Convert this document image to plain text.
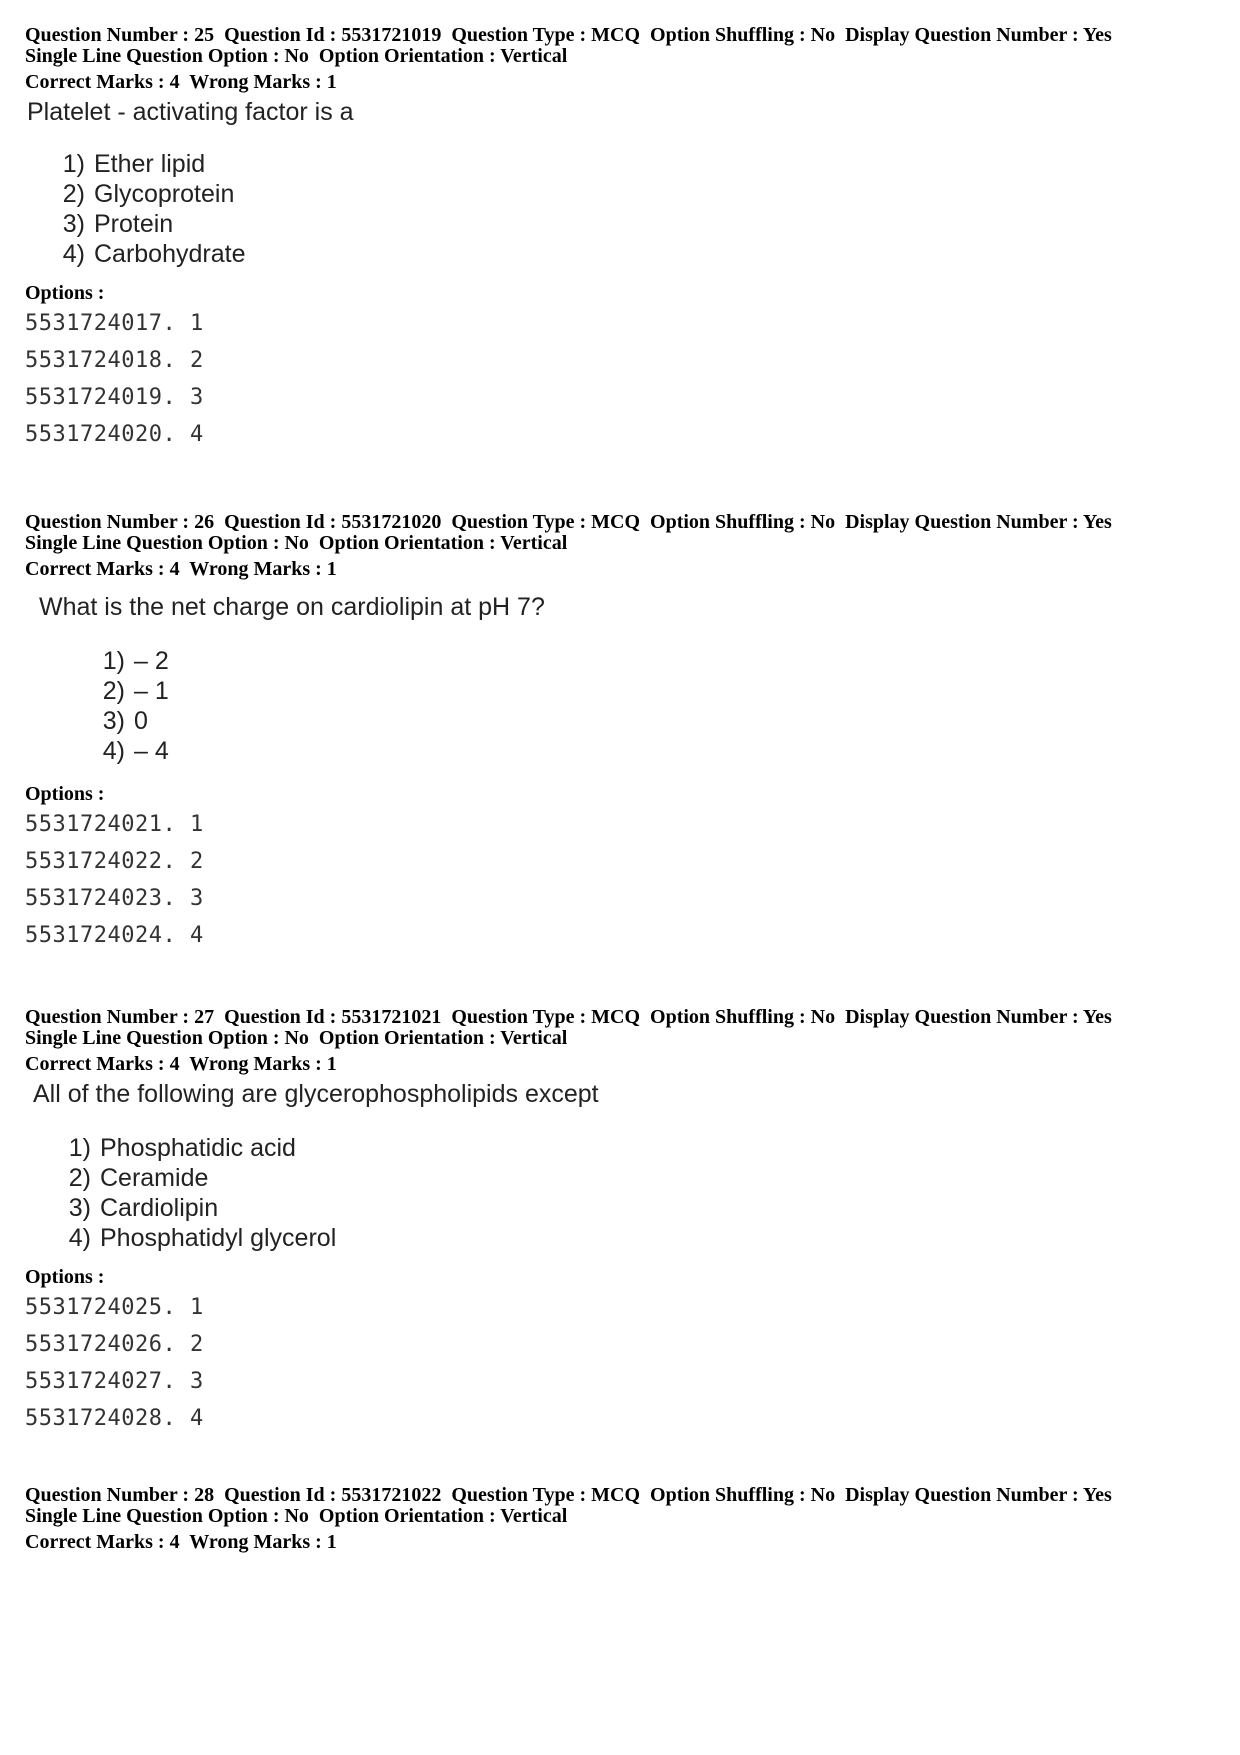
Question Number : 25  Question Id : 5531721019  Question Type : MCQ  Option Shuffling : No  Display Question Number : Yes
Single Line Question Option : No  Option Orientation : Vertical
Correct Marks : 4  Wrong Marks : 1
Platelet - activating factor is a
1) Ether lipid
2) Glycoprotein
3) Protein
4) Carbohydrate
Options :
5531724017. 1
5531724018. 2
5531724019. 3
5531724020. 4
Question Number : 26  Question Id : 5531721020  Question Type : MCQ  Option Shuffling : No  Display Question Number : Yes
Single Line Question Option : No  Option Orientation : Vertical
Correct Marks : 4  Wrong Marks : 1
What is the net charge on cardiolipin at pH 7?
1) – 2
2) – 1
3) 0
4) – 4
Options :
5531724021. 1
5531724022. 2
5531724023. 3
5531724024. 4
Question Number : 27  Question Id : 5531721021  Question Type : MCQ  Option Shuffling : No  Display Question Number : Yes
Single Line Question Option : No  Option Orientation : Vertical
Correct Marks : 4  Wrong Marks : 1
All of the following are glycerophospholipids except
1) Phosphatidic acid
2) Ceramide
3) Cardiolipin
4) Phosphatidyl glycerol
Options :
5531724025. 1
5531724026. 2
5531724027. 3
5531724028. 4
Question Number : 28  Question Id : 5531721022  Question Type : MCQ  Option Shuffling : No  Display Question Number : Yes
Single Line Question Option : No  Option Orientation : Vertical
Correct Marks : 4  Wrong Marks : 1
